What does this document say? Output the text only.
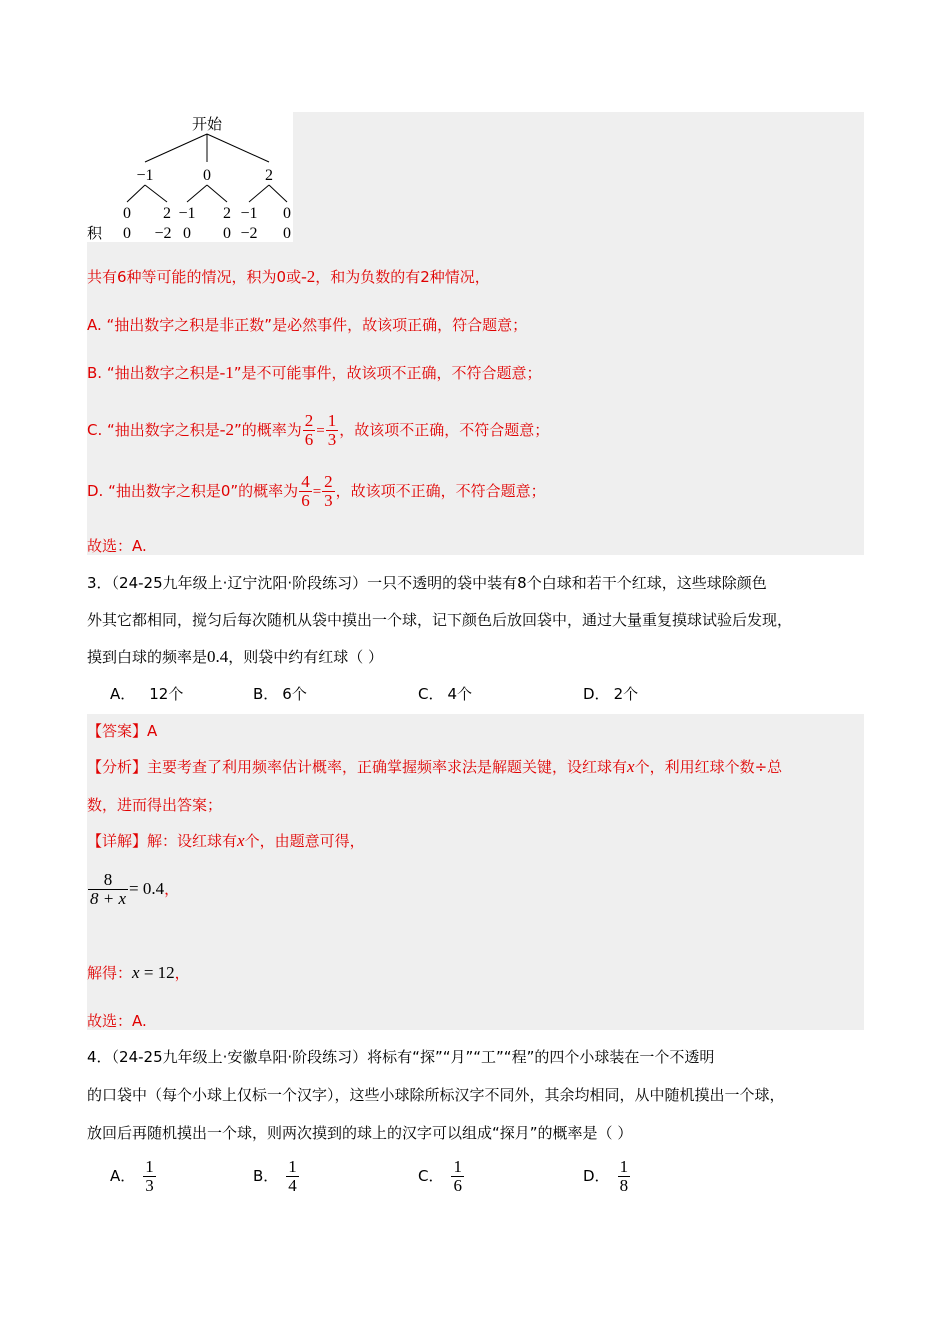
开始
−1	0	2
0 2 −1 2 −1 0
积 0 −2 0 0 −2 0
共有6种等可能的情况，积为0或-2，和为负数的有2种情况，
A. “抽出数字之积是非正数”是必然事件，故该项正确，符合题意；
B. “抽出数字之积是-1”是不可能事件，故该项不正确，不符合题意；
C. “抽出数字之积是-2”的概率为 $\frac{2}{6} = \frac{1}{3}$ ，故该项不正确，不符合题意；
D. “抽出数字之积是0”的概率为 $\frac{4}{6} = \frac{2}{3}$ ，故该项不正确，不符合题意；
故选：A.
3．（24-25九年级上·辽宁沈阳·阶段练习）一只不透明的袋中装有8个白球和若干个红球，这些球除颜色
外其它都相同，搅匀后每次随机从袋中摸出一个球，记下颜色后放回袋中，通过大量重复摸球试验后发现，
摸到白球的频率是0.4，则袋中约有红球（ ）
A． 12个	B． 6个	C． 4个	D． 2个
【答案】A
【分析】主要考查了利用频率估计概率，正确掌握频率求法是解题关键，设红球有x个，利用红球个数÷总
数，进而得出答案；
【详解】解：设红球有x个，由题意可得，
$\frac{8}{8 + x} = 0.4$，
解得：x = 12，
故选：A.
4．（24-25九年级上·安徽阜阳·阶段练习）将标有“探”“月”“工”“程”的四个小球装在一个不透明
的口袋中（每个小球上仅标一个汉字），这些小球除所标汉字不同外，其余均相同，从中随机摸出一个球，
放回后再随机摸出一个球，则两次摸到的球上的汉字可以组成“探月”的概率是（ ）
A． $\frac{1}{3}$	B． $\frac{1}{4}$	C． $\frac{1}{6}$	D． $\frac{1}{8}$
